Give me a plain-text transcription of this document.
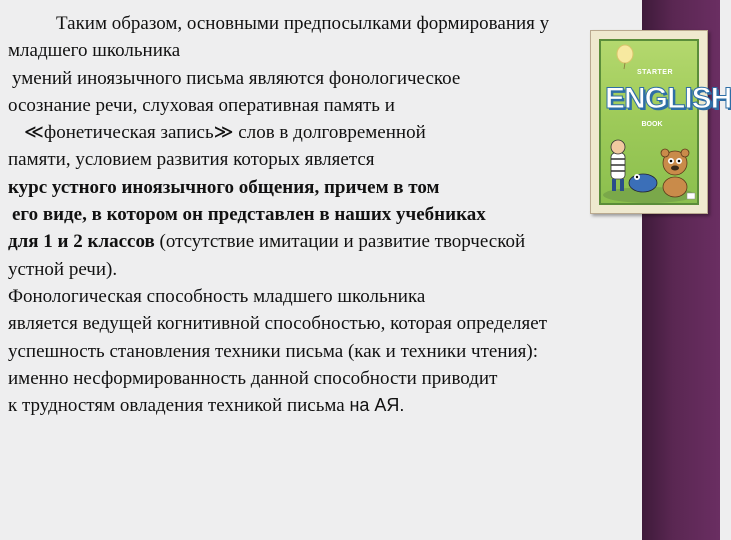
STARTER
ENGLISH
BOOK
Таким образом, основными предпосылками формирования у
младшего школьника
умений иноязычного письма являются фонологическое
осознание речи, слуховая оперативная память и
≪фонетическая запись≫ слов в долговременной
памяти, условием развития которых является
курс устного иноязычного общения, причем в том
его виде, в котором он представлен в наших учебниках
для 1 и 2 классов (отсутствие имитации и развитие творческой
устной речи).
Фонологическая способность младшего школьника
является ведущей когнитивной способностью, которая определяет
успешность становления техники письма (как и техники чтения):
именно несформированность данной способности приводит
к трудностям овладения техникой письма на АЯ.
